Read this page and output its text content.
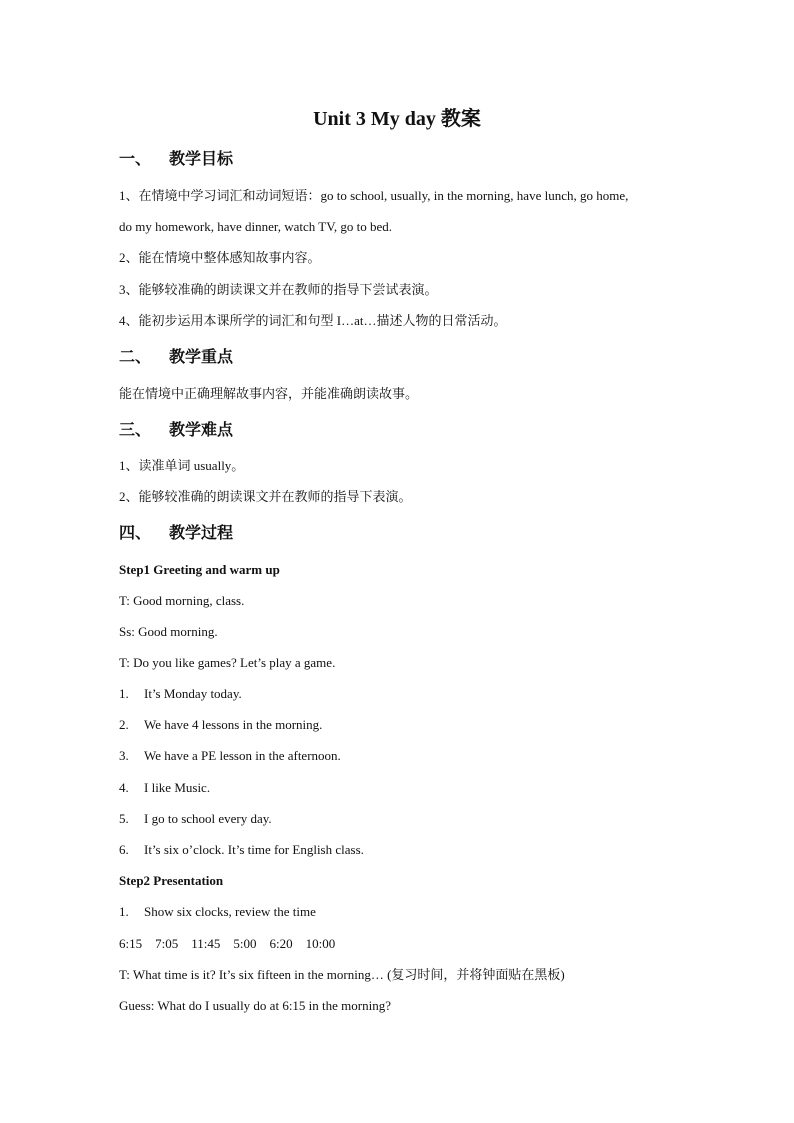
Unit 3 My day 教案
一、 教学目标
1、在情境中学习词汇和动词短语：go to school, usually, in the morning, have lunch, go home,
do my homework, have dinner, watch TV, go to bed.
2、能在情境中整体感知故事内容。
3、能够较准确的朗读课文并在教师的指导下尝试表演。
4、能初步运用本课所学的词汇和句型 I…at…描述人物的日常活动。
二、 教学重点
能在情境中正确理解故事内容，并能准确朗读故事。
三、 教学难点
1、读准单词 usually。
2、能够较准确的朗读课文并在教师的指导下表演。
四、 教学过程
Step1 Greeting and warm up
T: Good morning, class.
Ss: Good morning.
T: Do you like games? Let’s play a game.
1. It’s Monday today.
2. We have 4 lessons in the morning.
3. We have a PE lesson in the afternoon.
4. I like Music.
5. I go to school every day.
6. It’s six o’clock. It’s time for English class.
Step2 Presentation
1. Show six clocks, review the time
6:15 7:05 11:45 5:00 6:20 10:00
T: What time is it? It’s six fifteen in the morning… (复习时间，并将钟面贴在黑板)
Guess: What do I usually do at 6:15 in the morning?
